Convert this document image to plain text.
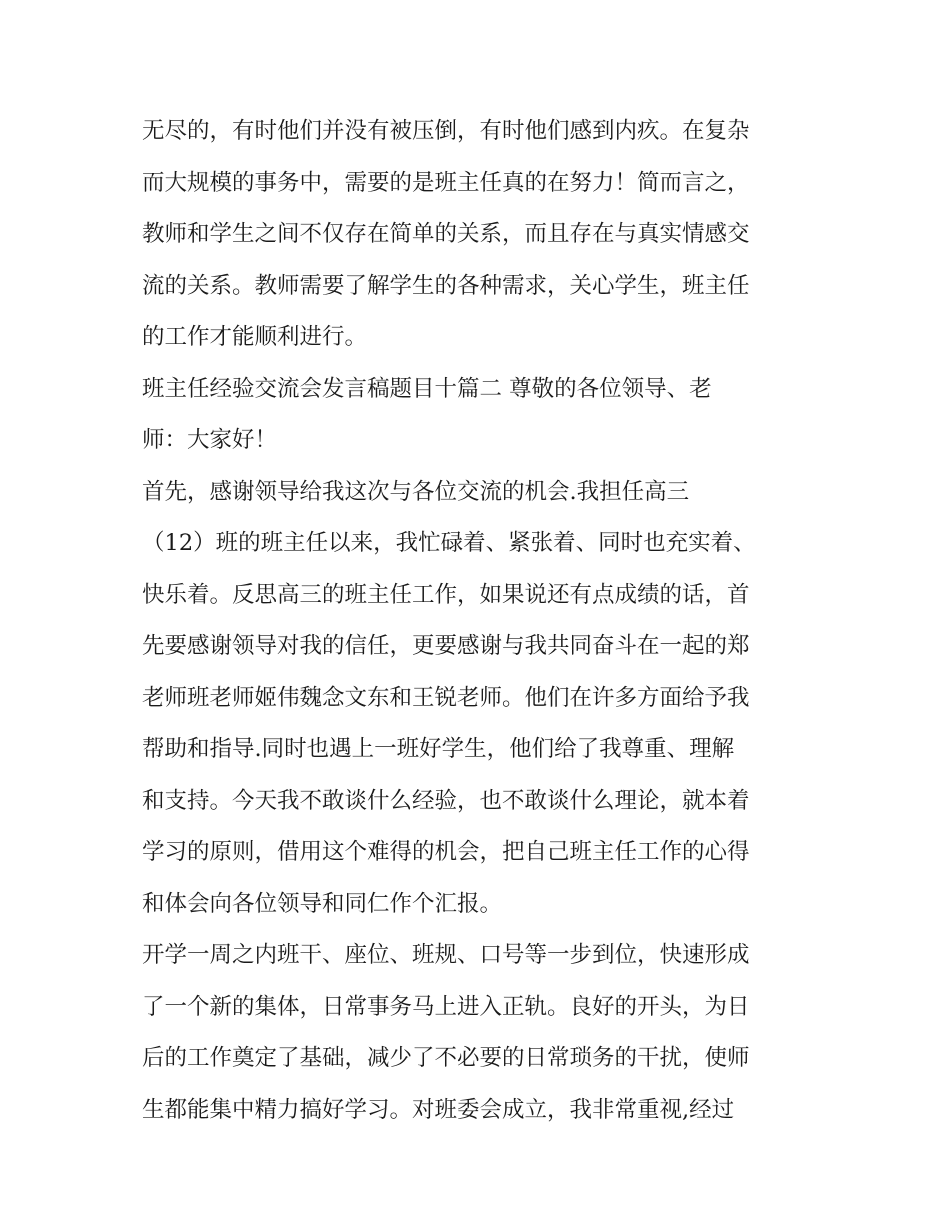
无尽的，有时他们并没有被压倒，有时他们感到内疚。在复杂
而大规模的事务中，需要的是班主任真的在努力！简而言之，
教师和学生之间不仅存在简单的关系，而且存在与真实情感交
流的关系。教师需要了解学生的各种需求，关心学生，班主任
的工作才能顺利进行。
班主任经验交流会发言稿题目十篇二 尊敬的各位领导、老
师：大家好！
首先，感谢领导给我这次与各位交流的机会.我担任高三
（12）班的班主任以来，我忙碌着、紧张着、同时也充实着、
快乐着。反思高三的班主任工作，如果说还有点成绩的话，首
先要感谢领导对我的信任，更要感谢与我共同奋斗在一起的郑
老师班老师姬伟魏念文东和王锐老师。他们在许多方面给予我
帮助和指导.同时也遇上一班好学生，他们给了我尊重、理解
和支持。今天我不敢谈什么经验，也不敢谈什么理论，就本着
学习的原则，借用这个难得的机会，把自己班主任工作的心得
和体会向各位领导和同仁作个汇报。
开学一周之内班干、座位、班规、口号等一步到位，快速形成
了一个新的集体，日常事务马上进入正轨。良好的开头，为日
后的工作奠定了基础，减少了不必要的日常琐务的干扰，使师
生都能集中精力搞好学习。对班委会成立，我非常重视,经过
